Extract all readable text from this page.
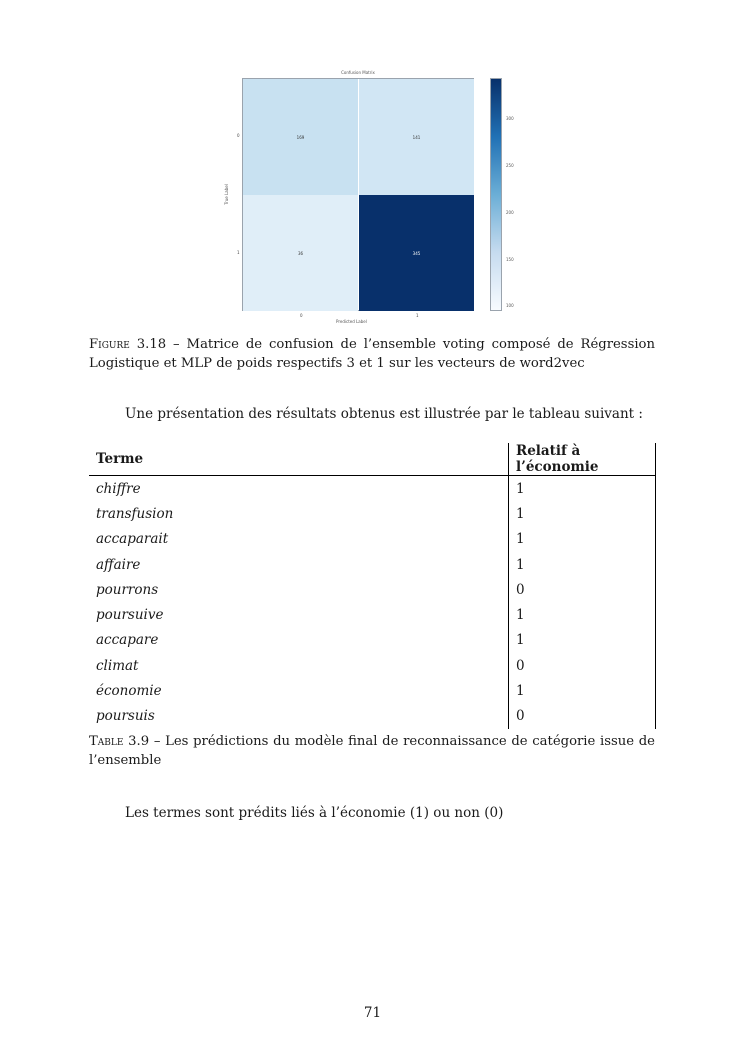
Confusion Matrix
169	141
36	345
0
1
0	1
True Label
Predicted Label
300
250
200
150
100
Figure 3.18 – Matrice de confusion de l’ensemble voting composé de Régression Logistique et MLP de poids respectifs 3 et 1 sur les vecteurs de word2vec
Une présentation des résultats obtenus est illustrée par le tableau suivant :
Terme	Relatif à l’économie
chiffre	1
transfusion	1
accaparait	1
affaire	1
pourrons	0
poursuive	1
accapare	1
climat	0
économie	1
poursuis	0
Table 3.9 – Les prédictions du modèle final de reconnaissance de catégorie issue de l’ensemble
Les termes sont prédits liés à l’économie (1) ou non (0)
71
